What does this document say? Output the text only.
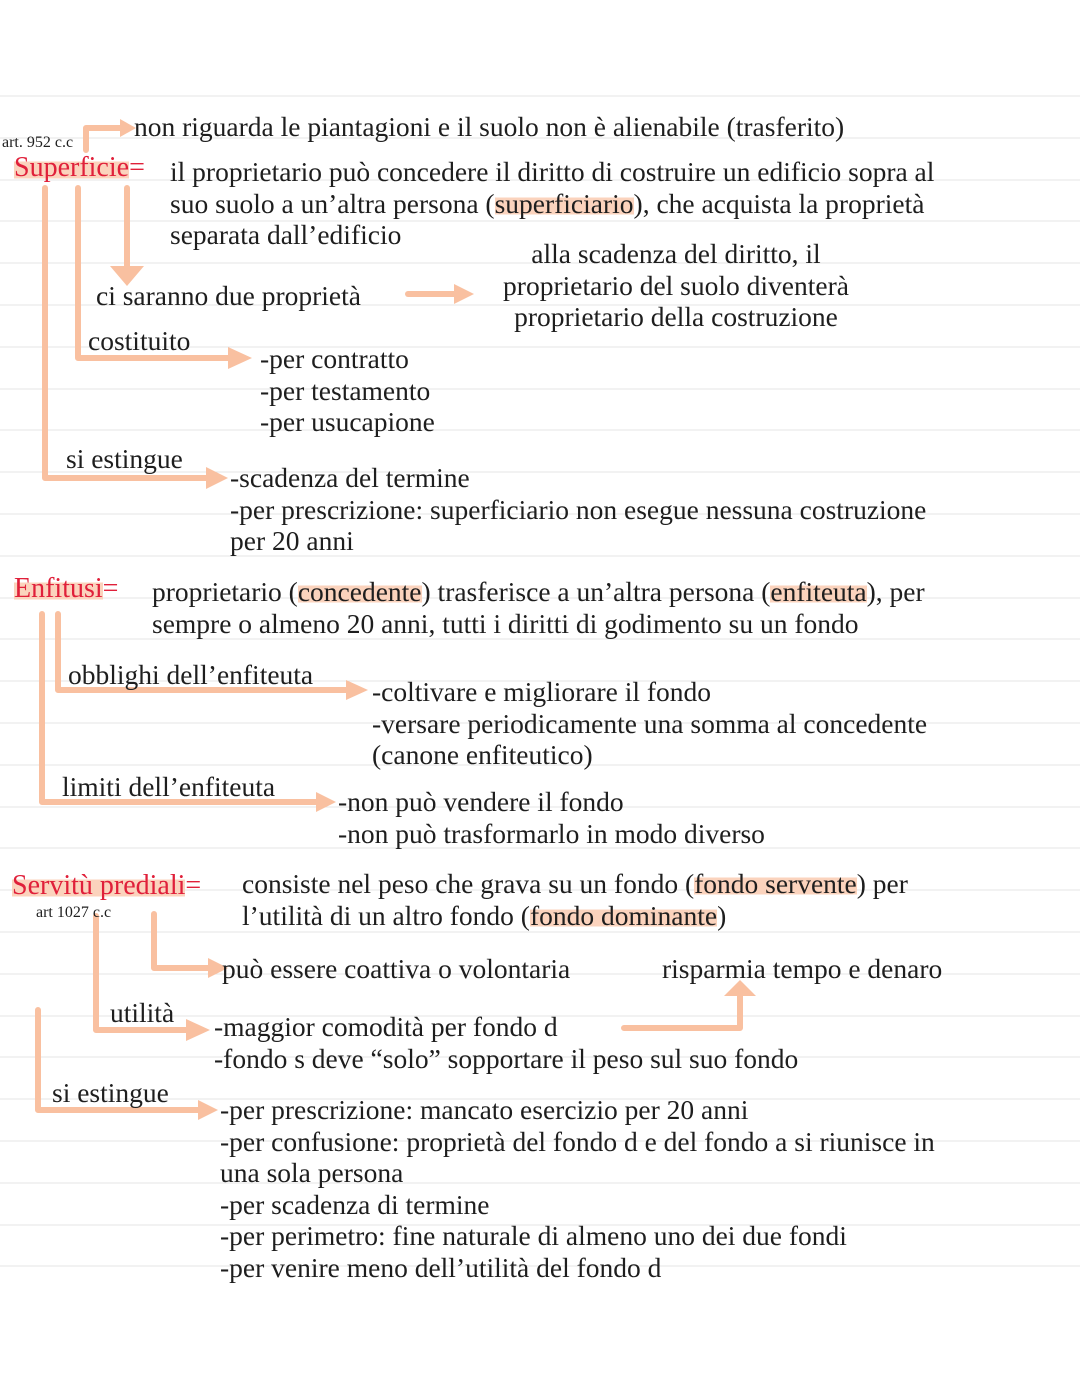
art. 952 c.c
non riguarda le piantagioni e il suolo non è alienabile (trasferito)
Superficie= il proprietario può concedere il diritto di costruire un edificio sopra al
suo suolo a un’altra persona (superficiario), che acquista la proprietà
separata dall’edificio
ci saranno due proprietà
alla scadenza del diritto, il
proprietario del suolo diventerà
proprietario della costruzione
costituito
-per contratto
-per testamento
-per usucapione
si estingue
-scadenza del termine
-per prescrizione: superficiario non esegue nessuna costruzione
per 20 anni
Enfitusi= proprietario (concedente) trasferisce a un’altra persona (enfiteuta), per
sempre o almeno 20 anni, tutti i diritti di godimento su un fondo
obblighi dell’enfiteuta
-coltivare e migliorare il fondo
-versare periodicamente una somma al concedente
(canone enfiteutico)
limiti dell’enfiteuta -non può vendere il fondo
-non può trasformarlo in modo diverso
Servitù prediali=
art 1027 c.c
consiste nel peso che grava su un fondo (fondo servente) per
l’utilità di un altro fondo (fondo dominante)
può essere coattiva o volontaria	risparmia tempo e denaro
utilità -maggior comodità per fondo d
-fondo s deve “solo” sopportare il peso sul suo fondo
si estingue
-per prescrizione: mancato esercizio per 20 anni
-per confusione: proprietà del fondo d e del fondo a si riunisce in
una sola persona
-per scadenza di termine
-per perimetro: fine naturale di almeno uno dei due fondi
-per venire meno dell’utilità del fondo d
